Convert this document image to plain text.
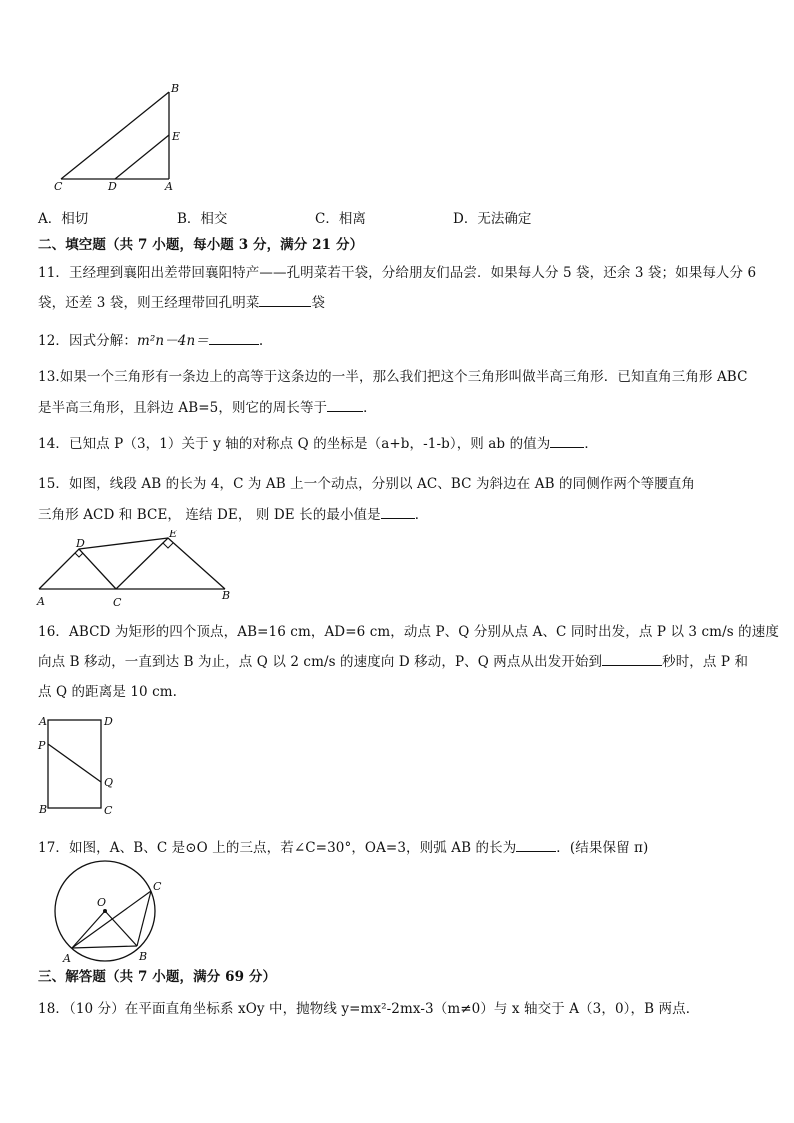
B
E
C	D	A
A．相切	B．相交	C．相离	D．无法确定
二、填空题（共 7 小题，每小题 3 分，满分 21 分）
11．王经理到襄阳出差带回襄阳特产——孔明菜若干袋，分给朋友们品尝．如果每人分 5 袋，还余 3 袋；如果每人分 6
袋，还差 3 袋，则王经理带回孔明菜	袋
12．因式分解：m²n－4n＝	.
13.如果一个三角形有一条边上的高等于这条边的一半，那么我们把这个三角形叫做半高三角形．已知直角三角形 ABC
是半高三角形，且斜边 AB=5，则它的周长等于	．
14．已知点 P（3，1）关于 y 轴的对称点 Q 的坐标是（a+b，-1-b），则 ab 的值为	．
15．如图，线段 AB 的长为 4，C 为 AB 上一个动点，分别以 AC、BC 为斜边在 AB 的同侧作两个等腰直角
三角形 ACD 和 BCE， 连结 DE， 则 DE 长的最小值是	．
D
E
A	C
B
16．ABCD 为矩形的四个顶点，AB=16 cm，AD=6 cm，动点 P、Q 分别从点 A、C 同时出发，点 P 以 3 cm/s 的速度
向点 B 移动，一直到达 B 为止，点 Q 以 2 cm/s 的速度向 D 移动，P、Q 两点从出发开始到	秒时，点 P 和
点 Q 的距离是 10 cm.
A	D
P
Q
B	C
17．如图，A、B、C 是⊙O 上的三点，若∠C=30°，OA=3，则弧 AB 的长为	．(结果保留 π)
O
C
A	B
三、解答题（共 7 小题，满分 69 分）
18．（10 分）在平面直角坐标系 xOy 中，抛物线 y=mx²-2mx-3（m≠0）与 x 轴交于 A（3，0），B 两点．
